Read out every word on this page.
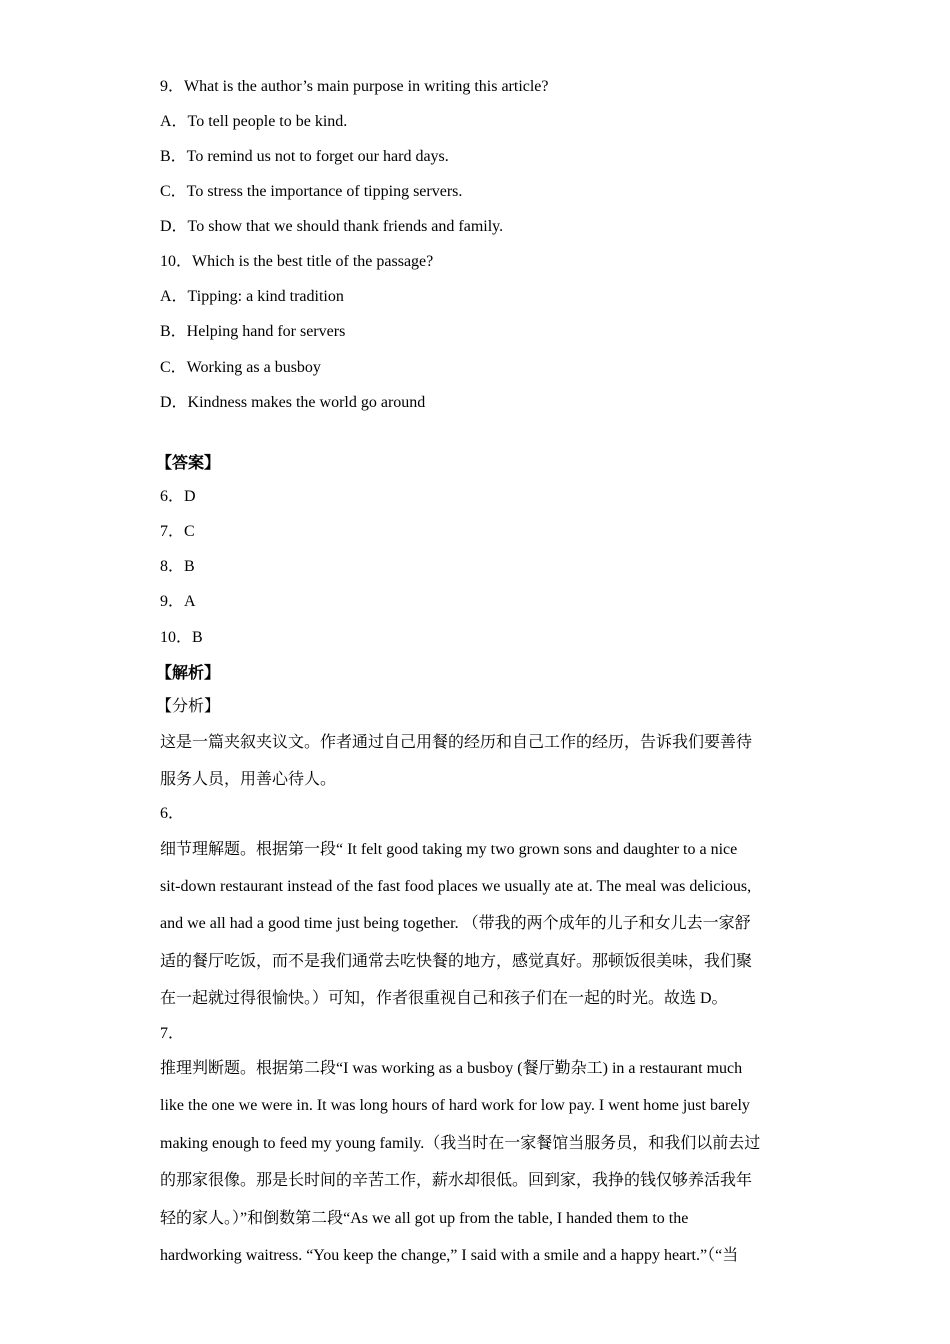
9．What is the author’s main purpose in writing this article?
A．To tell people to be kind.
B．To remind us not to forget our hard days.
C．To stress the importance of tipping servers.
D．To show that we should thank friends and family.
10．Which is the best title of the passage?
A．Tipping: a kind tradition
B．Helping hand for servers
C．Working as a busboy
D．Kindness makes the world go around
【答案】
6．D
7．C
8．B
9．A
10．B
【解析】
【分析】
这是一篇夹叙夹议文。作者通过自己用餐的经历和自己工作的经历，告诉我们要善待
服务人员，用善心待人。
6．
细节理解题。根据第一段“ It felt good taking my two grown sons and daughter to a nice
sit-down restaurant instead of the fast food places we usually ate at. The meal was delicious,
and we all had a good time just being together. （带我的两个成年的儿子和女儿去一家舒
适的餐厅吃饭，而不是我们通常去吃快餐的地方，感觉真好。那顿饭很美味，我们聚
在一起就过得很愉快。）可知，作者很重视自己和孩子们在一起的时光。故选 D。
7．
推理判断题。根据第二段“I was working as a busboy (餐厅勤杂工) in a restaurant much
like the one we were in. It was long hours of hard work for low pay. I went home just barely
making enough to feed my young family.（我当时在一家餐馆当服务员，和我们以前去过
的那家很像。那是长时间的辛苦工作，薪水却很低。回到家，我挣的钱仅够养活我年
轻的家人。）”和倒数第二段“As we all got up from the table, I handed them to the
hardworking waitress. “You keep the change,” I said with a smile and a happy heart.”（“当
